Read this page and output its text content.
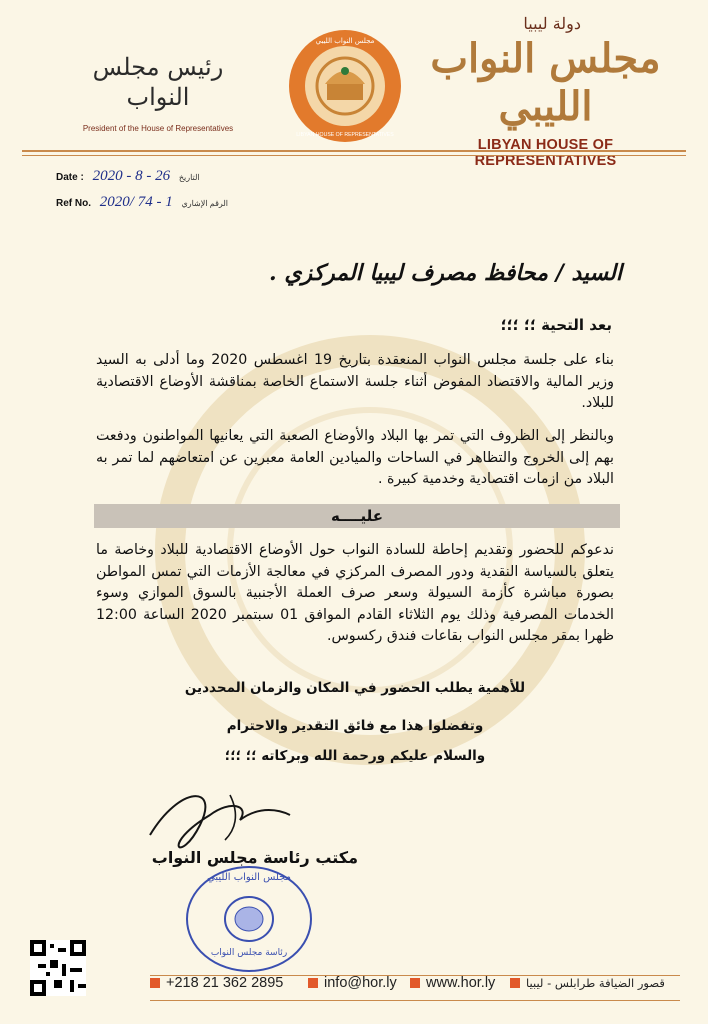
رئيس مجلس النواب
President of the House of Representatives
مجلس النواب الليبي
LIBYAN HOUSE OF REPRESENTATIVES
دولة ليبيا
مجلس النواب الليبي
LIBYAN HOUSE OF REPRESENTATIVES
Date : 2020 - 8 - 26 التاريخ
Ref No. 2020/ 74 - 1 الرقم الإشاري
السيد / محافظ مصرف ليبيا المركزي .
بعد التحية ؛؛ ؛؛؛
بناء على جلسة مجلس النواب المنعقدة بتاريخ 19 اغسطس 2020 وما أدلى به السيد وزير المالية والاقتصاد المفوض أثناء جلسة الاستماع الخاصة بمناقشة الأوضاع الاقتصادية للبلاد.
وبالنظر إلى الظروف التي تمر بها البلاد والأوضاع الصعبة التي يعانيها المواطنون ودفعت بهم إلى الخروج والتظاهر في الساحات والميادين العامة معبرين عن امتعاضهم لما تمر به البلاد من ازمات اقتصادية وخدمية كبيرة .
عليــــه
ندعوكم للحضور وتقديم إحاطة للسادة النواب حول الأوضاع الاقتصادية للبلاد وخاصة ما يتعلق بالسياسة النقدية ودور المصرف المركزي في معالجة الأزمات التي تمس المواطن بصورة مباشرة كأزمة السيولة وسعر صرف العملة الأجنبية بالسوق الموازي وسوء الخدمات المصرفية وذلك يوم الثلاثاء القادم الموافق 01 سبتمبر 2020 الساعة 12:00 ظهرا بمقر مجلس النواب بقاعات فندق ركسوس.
للأهمية يطلب الحضور في المكان والزمان المحددين
وتفضلوا هذا مع فائق التقدير والاحترام
والسلام عليكم ورحمة الله وبركاته ؛؛ ؛؛؛
مكتب رئاسة مجلس النواب
مجلس النواب الليبي
رئاسة مجلس النواب
+218 21 362 2895	info@hor.ly	www.hor.ly	قصور الضيافة طرابلس - ليبيا
